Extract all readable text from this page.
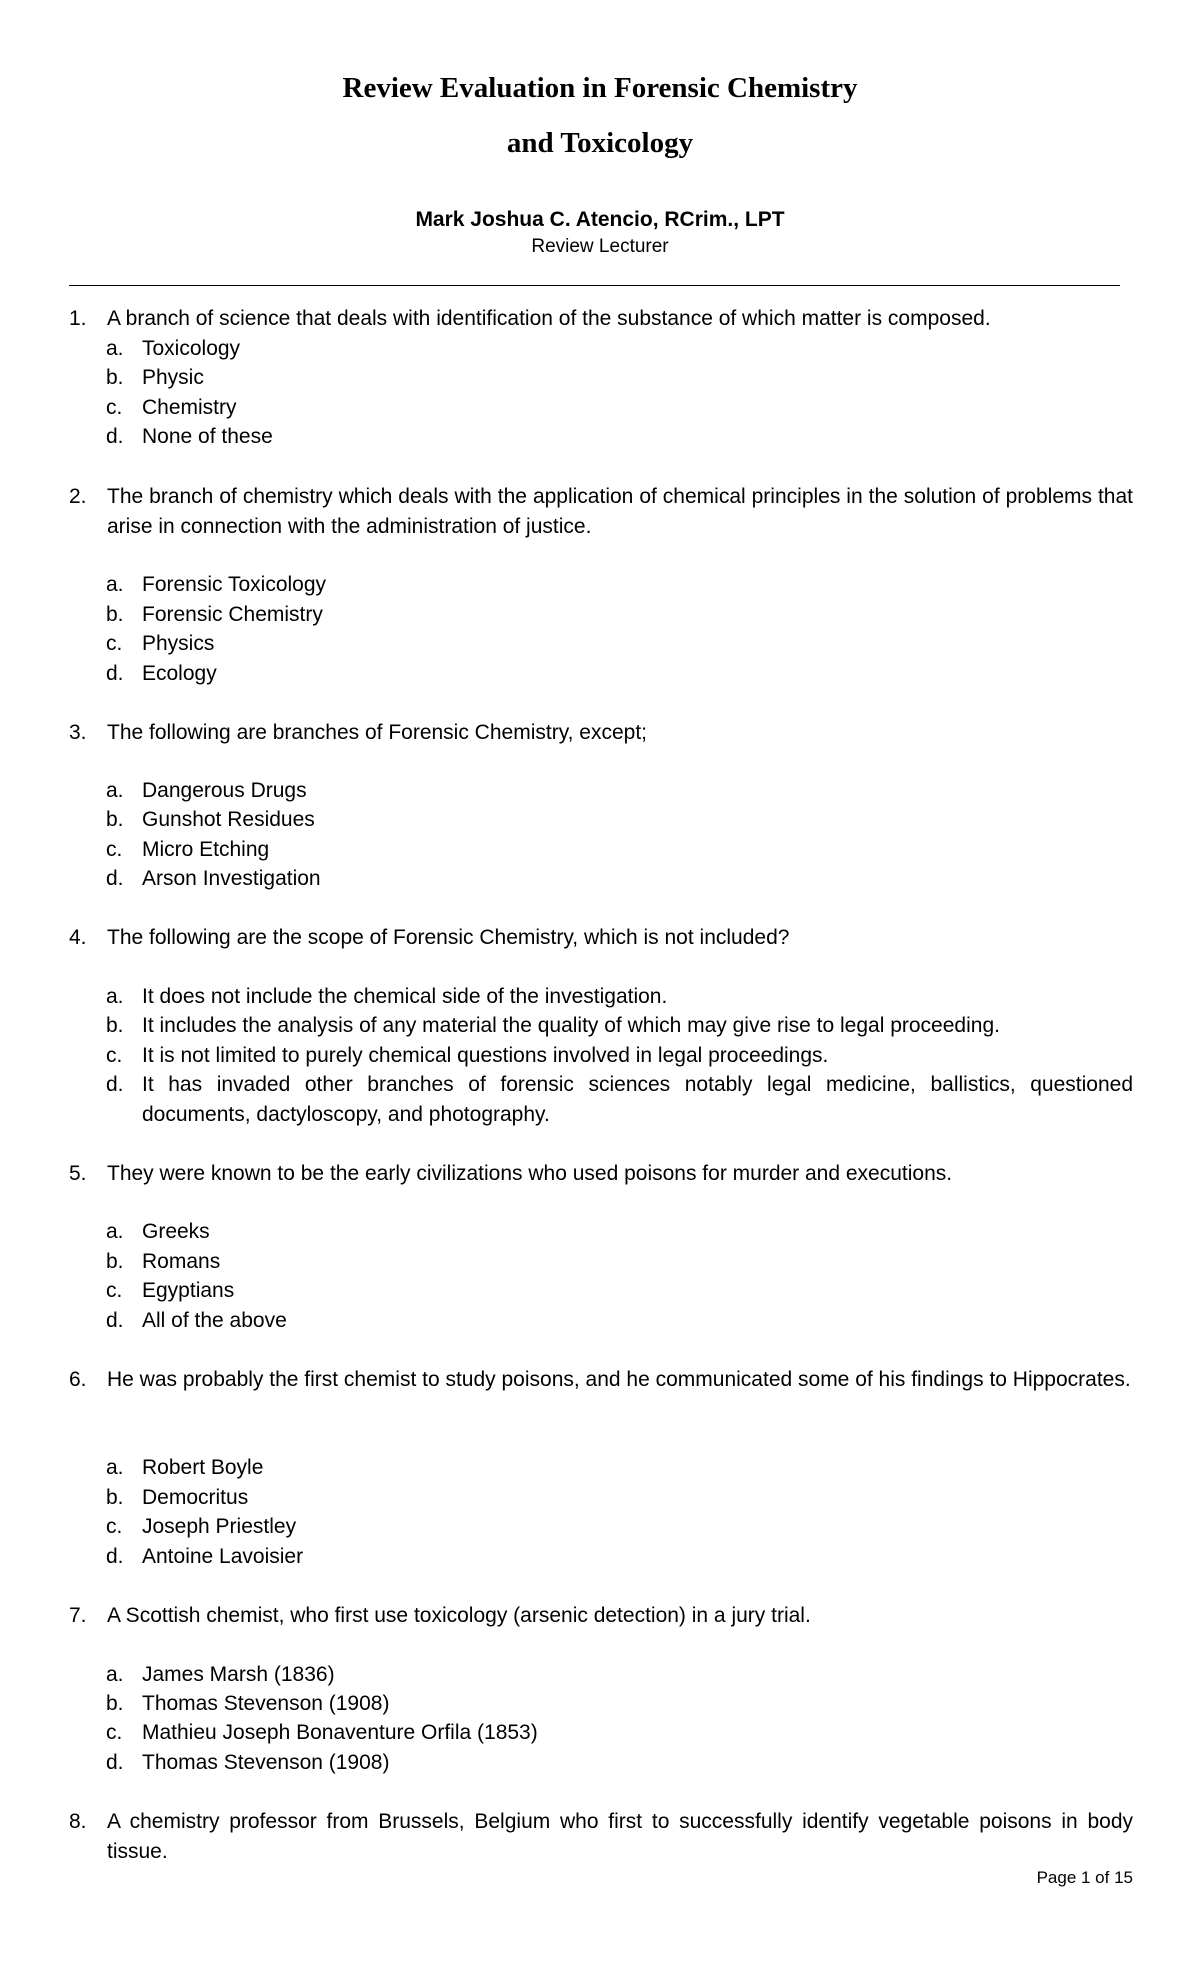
Review Evaluation in Forensic Chemistry
and Toxicology
Mark Joshua C. Atencio, RCrim., LPT
Review Lecturer
1. A branch of science that deals with identification of the substance of which matter is composed.
a. Toxicology
b. Physic
c. Chemistry
d. None of these
2. The branch of chemistry which deals with the application of chemical principles in the solution of problems that arise in connection with the administration of justice.
a. Forensic Toxicology
b. Forensic Chemistry
c. Physics
d. Ecology
3. The following are branches of Forensic Chemistry, except;
a. Dangerous Drugs
b. Gunshot Residues
c. Micro Etching
d. Arson Investigation
4. The following are the scope of Forensic Chemistry, which is not included?
a. It does not include the chemical side of the investigation.
b. It includes the analysis of any material the quality of which may give rise to legal proceeding.
c. It is not limited to purely chemical questions involved in legal proceedings.
d. It has invaded other branches of forensic sciences notably legal medicine, ballistics, questioned documents, dactyloscopy, and photography.
5. They were known to be the early civilizations who used poisons for murder and executions.
a. Greeks
b. Romans
c. Egyptians
d. All of the above
6. He was probably the first chemist to study poisons, and he communicated some of his findings to Hippocrates.
a. Robert Boyle
b. Democritus
c. Joseph Priestley
d. Antoine Lavoisier
7. A Scottish chemist, who first use toxicology (arsenic detection) in a jury trial.
a. James Marsh (1836)
b. Thomas Stevenson (1908)
c. Mathieu Joseph Bonaventure Orfila (1853)
d. Thomas Stevenson (1908)
8. A chemistry professor from Brussels, Belgium who first to successfully identify vegetable poisons in body tissue.
Page 1 of 15
